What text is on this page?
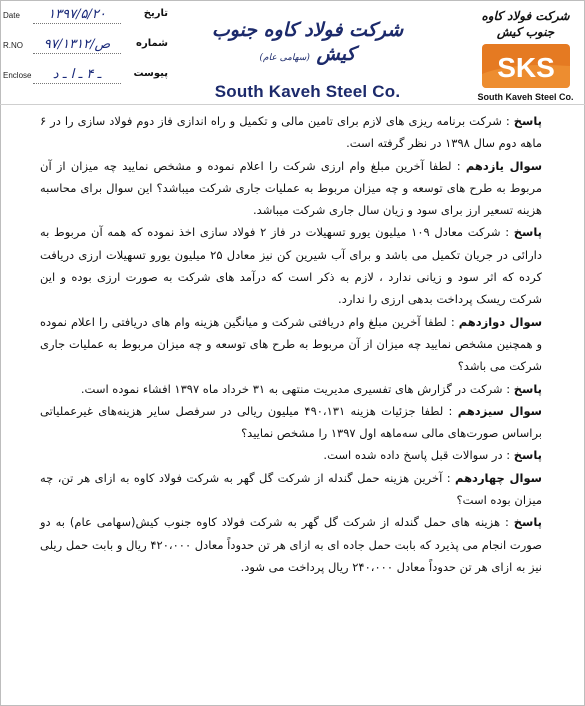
Date	۱۳۹۷/۵/۲۰	تاریخ
R.NO	۹۷/ص/۱۳۱۲	شماره
Enclose	ـ ۴ ـ ا ـ د	پیوست
شرکت فولاد کاوه جنوب کیش (سهامی عام)
South Kaveh Steel Co.
شرکت فولاد کاوه جنوب کیش
SKS
South Kaveh Steel Co.

پاسخ : شرکت برنامه ریزی های لازم برای تامین مالی و تکمیل و راه اندازی فاز دوم فولاد سازی را در ۶ ماهه دوم سال ۱۳۹۸ در نظر گرفته است.

سوال یازدهم : لطفا آخرین مبلغ وام ارزی شرکت را اعلام نموده و مشخص نمایید چه میزان از آن مربوط به طرح های توسعه و چه میزان مربوط به عملیات جاری شرکت میباشد؟ این سوال برای محاسبه هزینه تسعیر ارز برای سود و زیان سال جاری شرکت میباشد.

پاسخ : شرکت معادل ۱۰۹ میلیون یورو تسهیلات در فاز ۲ فولاد سازی اخذ نموده که همه آن مربوط به دارائی در جریان تکمیل می باشد و برای آب شیرین کن نیز معادل ۲۵ میلیون یورو تسهیلات ارزی دریافت کرده که اثر سود و زیانی ندارد ، لازم به ذکر است که درآمد های شرکت به صورت ارزی بوده و این شرکت ریسک پرداخت بدهی ارزی را ندارد.

سوال دوازدهم : لطفا آخرین مبلغ وام دریافتی شرکت و میانگین هزینه وام های دریافتی را اعلام نموده و همچنین مشخص نمایید چه میزان از آن مربوط به طرح های توسعه و چه میزان مربوط به عملیات جاری شرکت می باشد؟

پاسخ : شرکت در گزارش های تفسیری مدیریت منتهی به ۳۱ خرداد ماه ۱۳۹۷ افشاء نموده است.

سوال سیزدهم : لطفا جزئیات هزینه ۴۹۰،۱۳۱ میلیون ریالی در سرفصل سایر هزینه‌های غیرعملیاتی براساس صورت‌های مالی سه‌ماهه اول ۱۳۹۷ را مشخص نمایید؟

پاسخ : در سوالات قبل پاسخ داده شده است.

سوال چهاردهم : آخرین هزینه حمل گندله از شرکت گل گهر به شرکت فولاد کاوه به ازای هر تن، چه میزان بوده است؟

پاسخ : هزینه های حمل گندله از شرکت گل گهر به شرکت فولاد کاوه جنوب کیش(سهامی عام) به دو صورت انجام می پذیرد که بابت حمل جاده ای به ازای هر تن حدوداً معادل ۴۲۰،۰۰۰ ریال و بابت حمل ریلی نیز به ازای هر تن حدوداً معادل ۲۴۰،۰۰۰ ریال پرداخت می شود.
